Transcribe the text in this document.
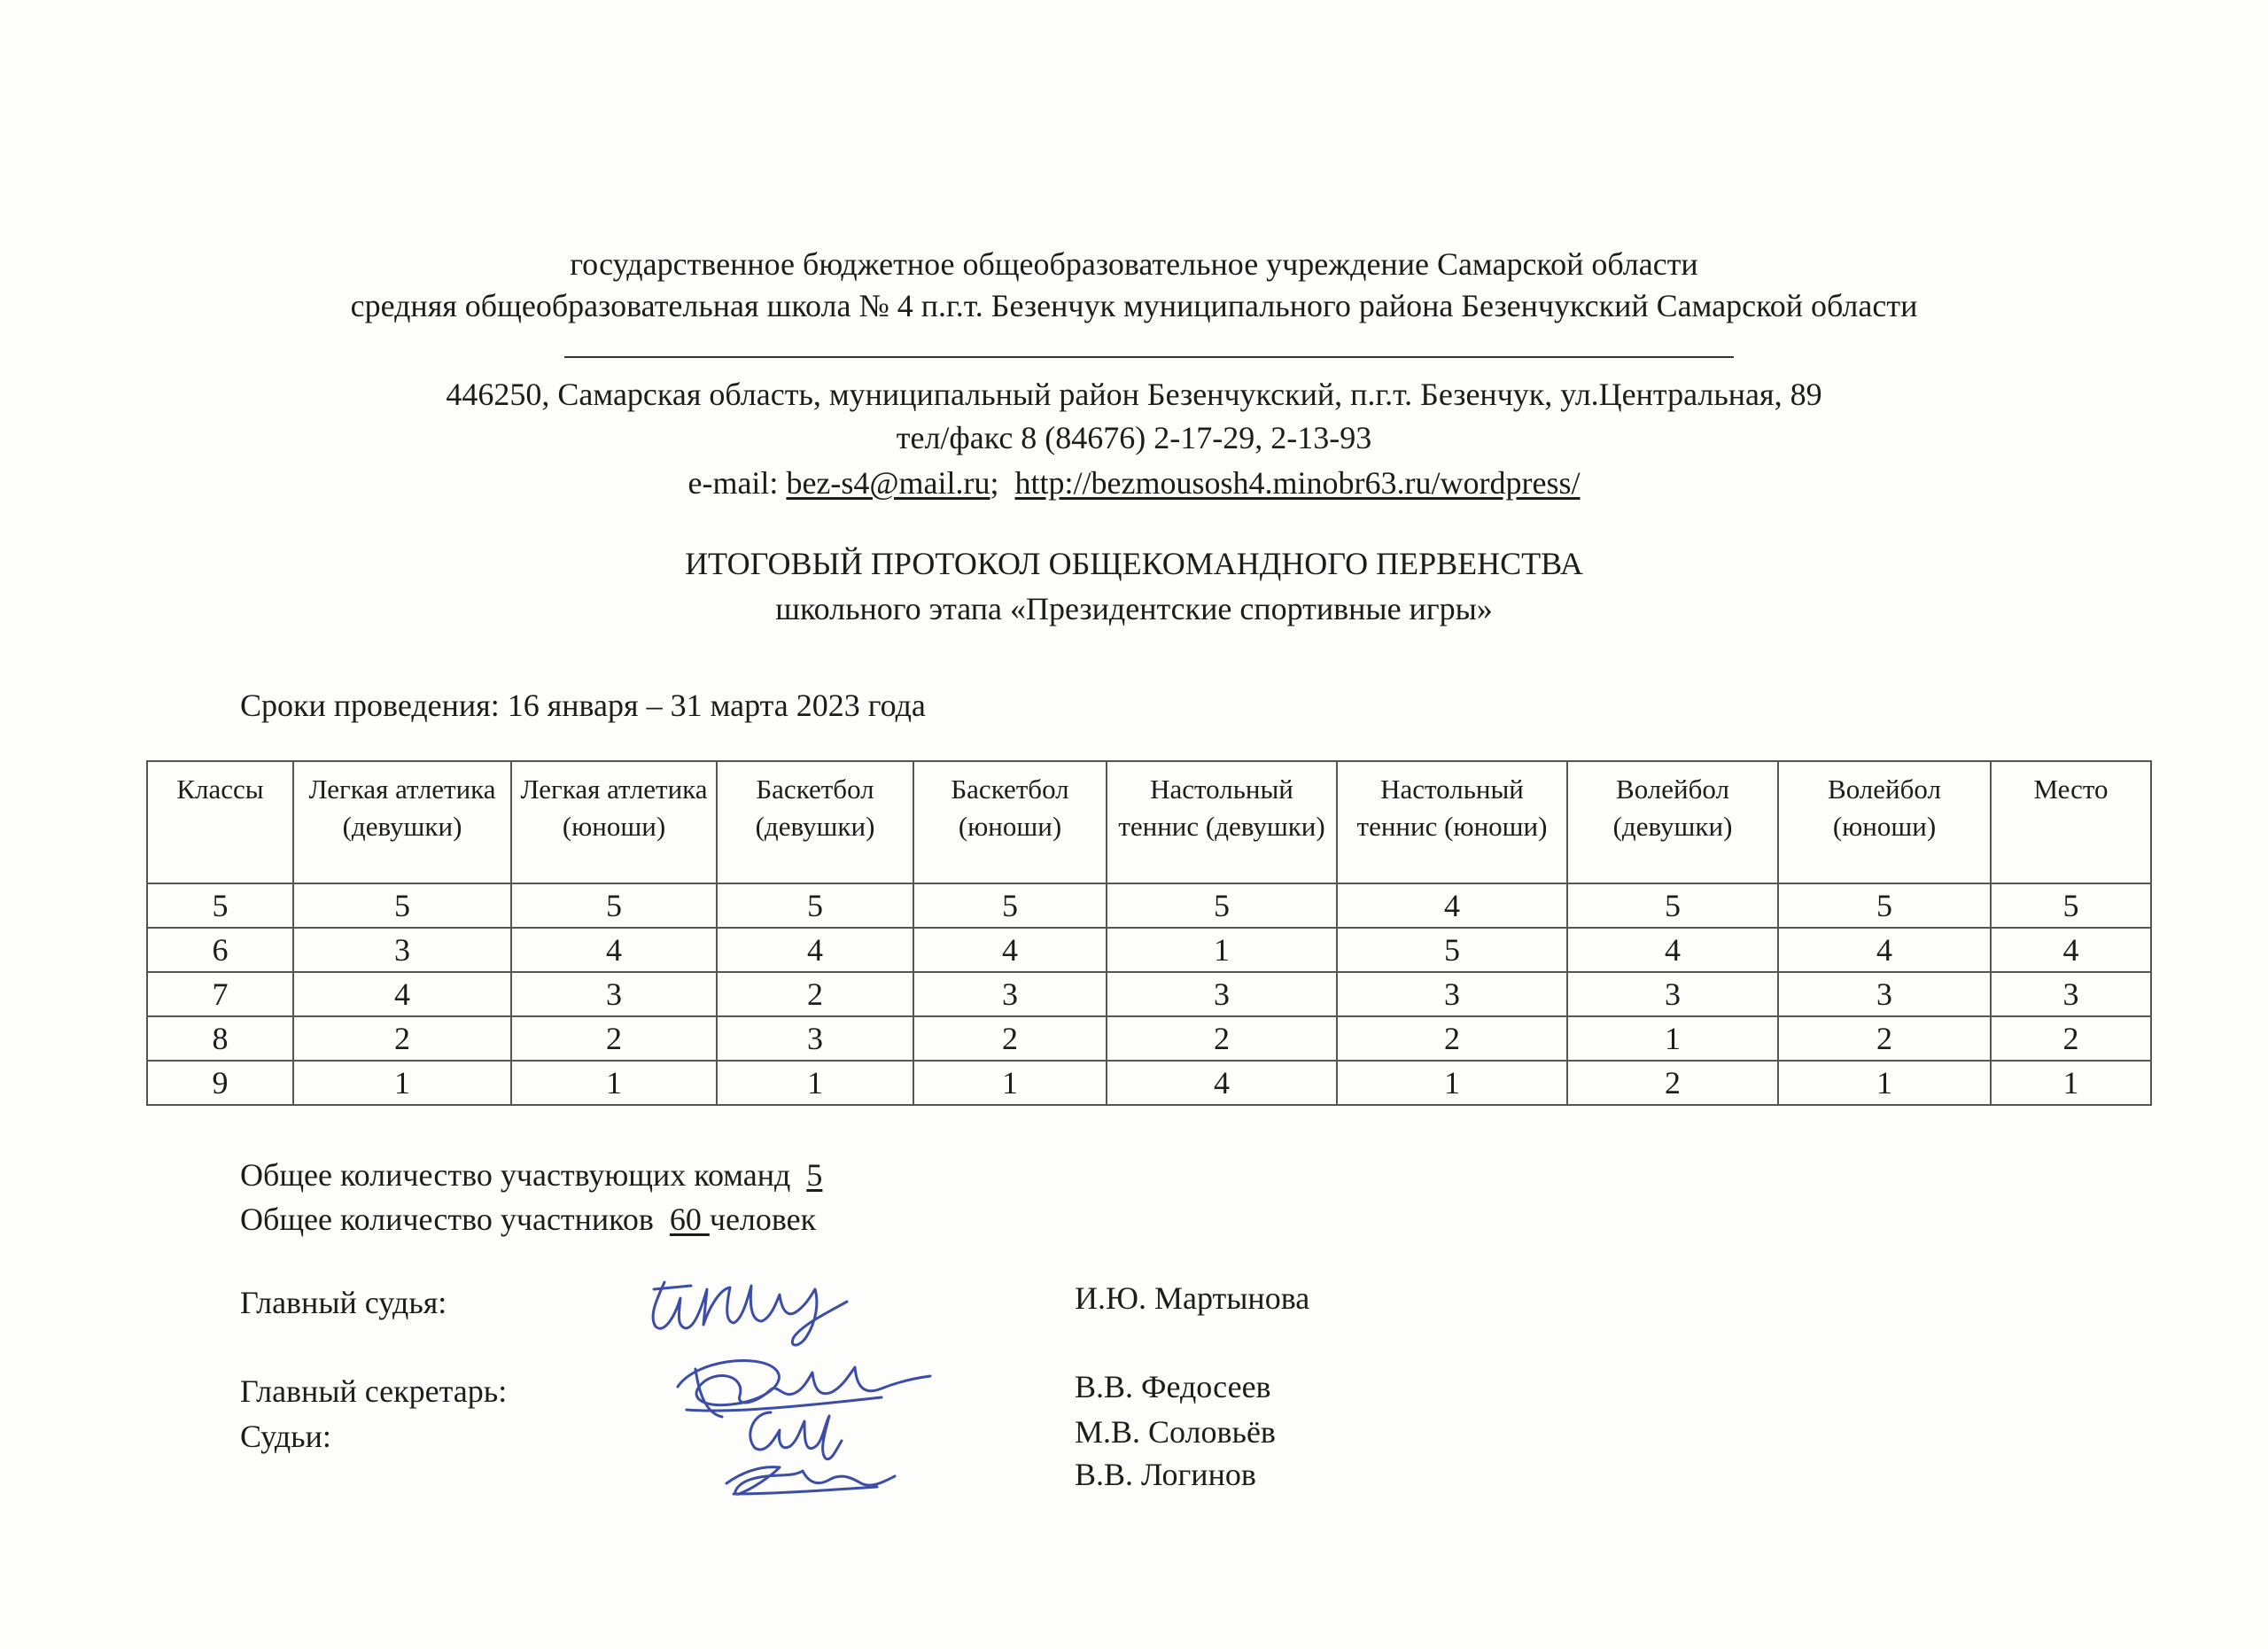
государственное бюджетное общеобразовательное учреждение Самарской области
средняя общеобразовательная школа № 4 п.г.т. Безенчук муниципального района Безенчукский Самарской области
446250, Самарская область, муниципальный район Безенчукский, п.г.т. Безенчук, ул.Центральная, 89
тел/факс 8 (84676) 2-17-29, 2-13-93
e-mail: bez-s4@mail.ru; http://bezmousosh4.minobr63.ru/wordpress/
ИТОГОВЫЙ ПРОТОКОЛ ОБЩЕКОМАНДНОГО ПЕРВЕНСТВА
школьного этапа «Президентские спортивные игры»
Сроки проведения: 16 января – 31 марта 2023 года
Классы	Легкая атлетика (девушки)	Легкая атлетика (юноши)	Баскетбол (девушки)	Баскетбол (юноши)	Настольный теннис (девушки)	Настольный теннис (юноши)	Волейбол (девушки)	Волейбол (юноши)	Место
5	5	5	5	5	5	4	5	5	5
6	3	4	4	4	1	5	4	4	4
7	4	3	2	3	3	3	3	3	3
8	2	2	3	2	2	2	1	2	2
9	1	1	1	1	4	1	2	1	1
Общее количество участвующих команд 5
Общее количество участников 60 человек
Главный судья:	И.Ю. Мартынова
Главный секретарь:	В.В. Федосеев
Судьи:	М.В. Соловьёв
В.В. Логинов
